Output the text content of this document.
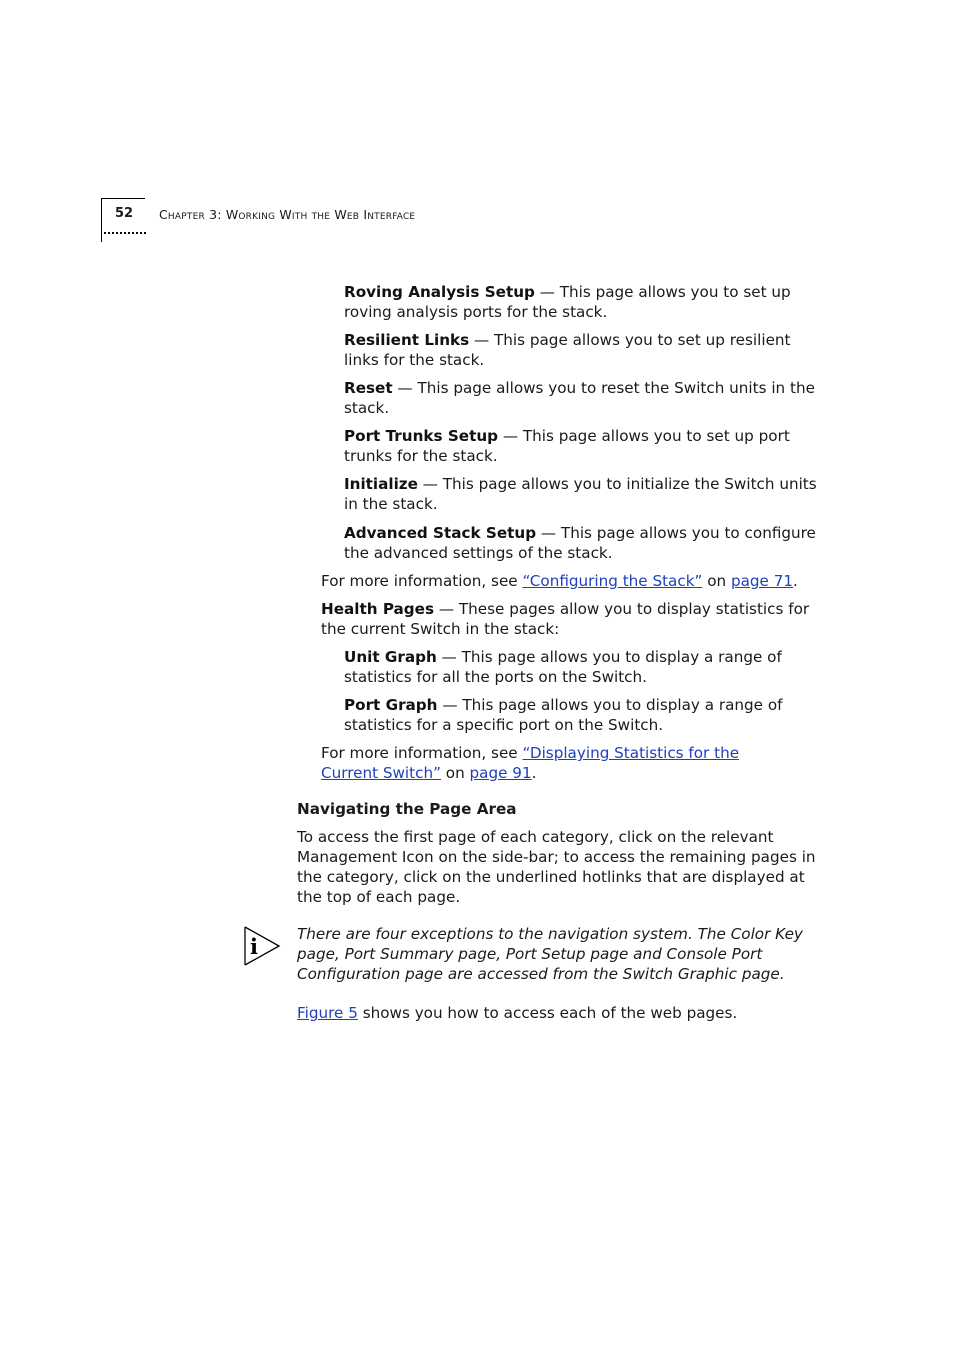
52 Chapter 3: Working With the Web Interface

Roving Analysis Setup — This page allows you to set up roving analysis ports for the stack.

Resilient Links — This page allows you to set up resilient links for the stack.

Reset — This page allows you to reset the Switch units in the stack.

Port Trunks Setup — This page allows you to set up port trunks for the stack.

Initialize — This page allows you to initialize the Switch units in the stack.

Advanced Stack Setup — This page allows you to configure the advanced settings of the stack.

For more information, see “Configuring the Stack” on page 71.

Health Pages — These pages allow you to display statistics for the current Switch in the stack:

Unit Graph — This page allows you to display a range of statistics for all the ports on the Switch.

Port Graph — This page allows you to display a range of statistics for a specific port on the Switch.

For more information, see “Displaying Statistics for the Current Switch” on page 91.

Navigating the Page Area

To access the first page of each category, click on the relevant Management Icon on the side-bar; to access the remaining pages in the category, click on the underlined hotlinks that are displayed at the top of each page.

i	There are four exceptions to the navigation system. The Color Key page, Port Summary page, Port Setup page and Console Port Configuration page are accessed from the Switch Graphic page.

Figure 5 shows you how to access each of the web pages.
